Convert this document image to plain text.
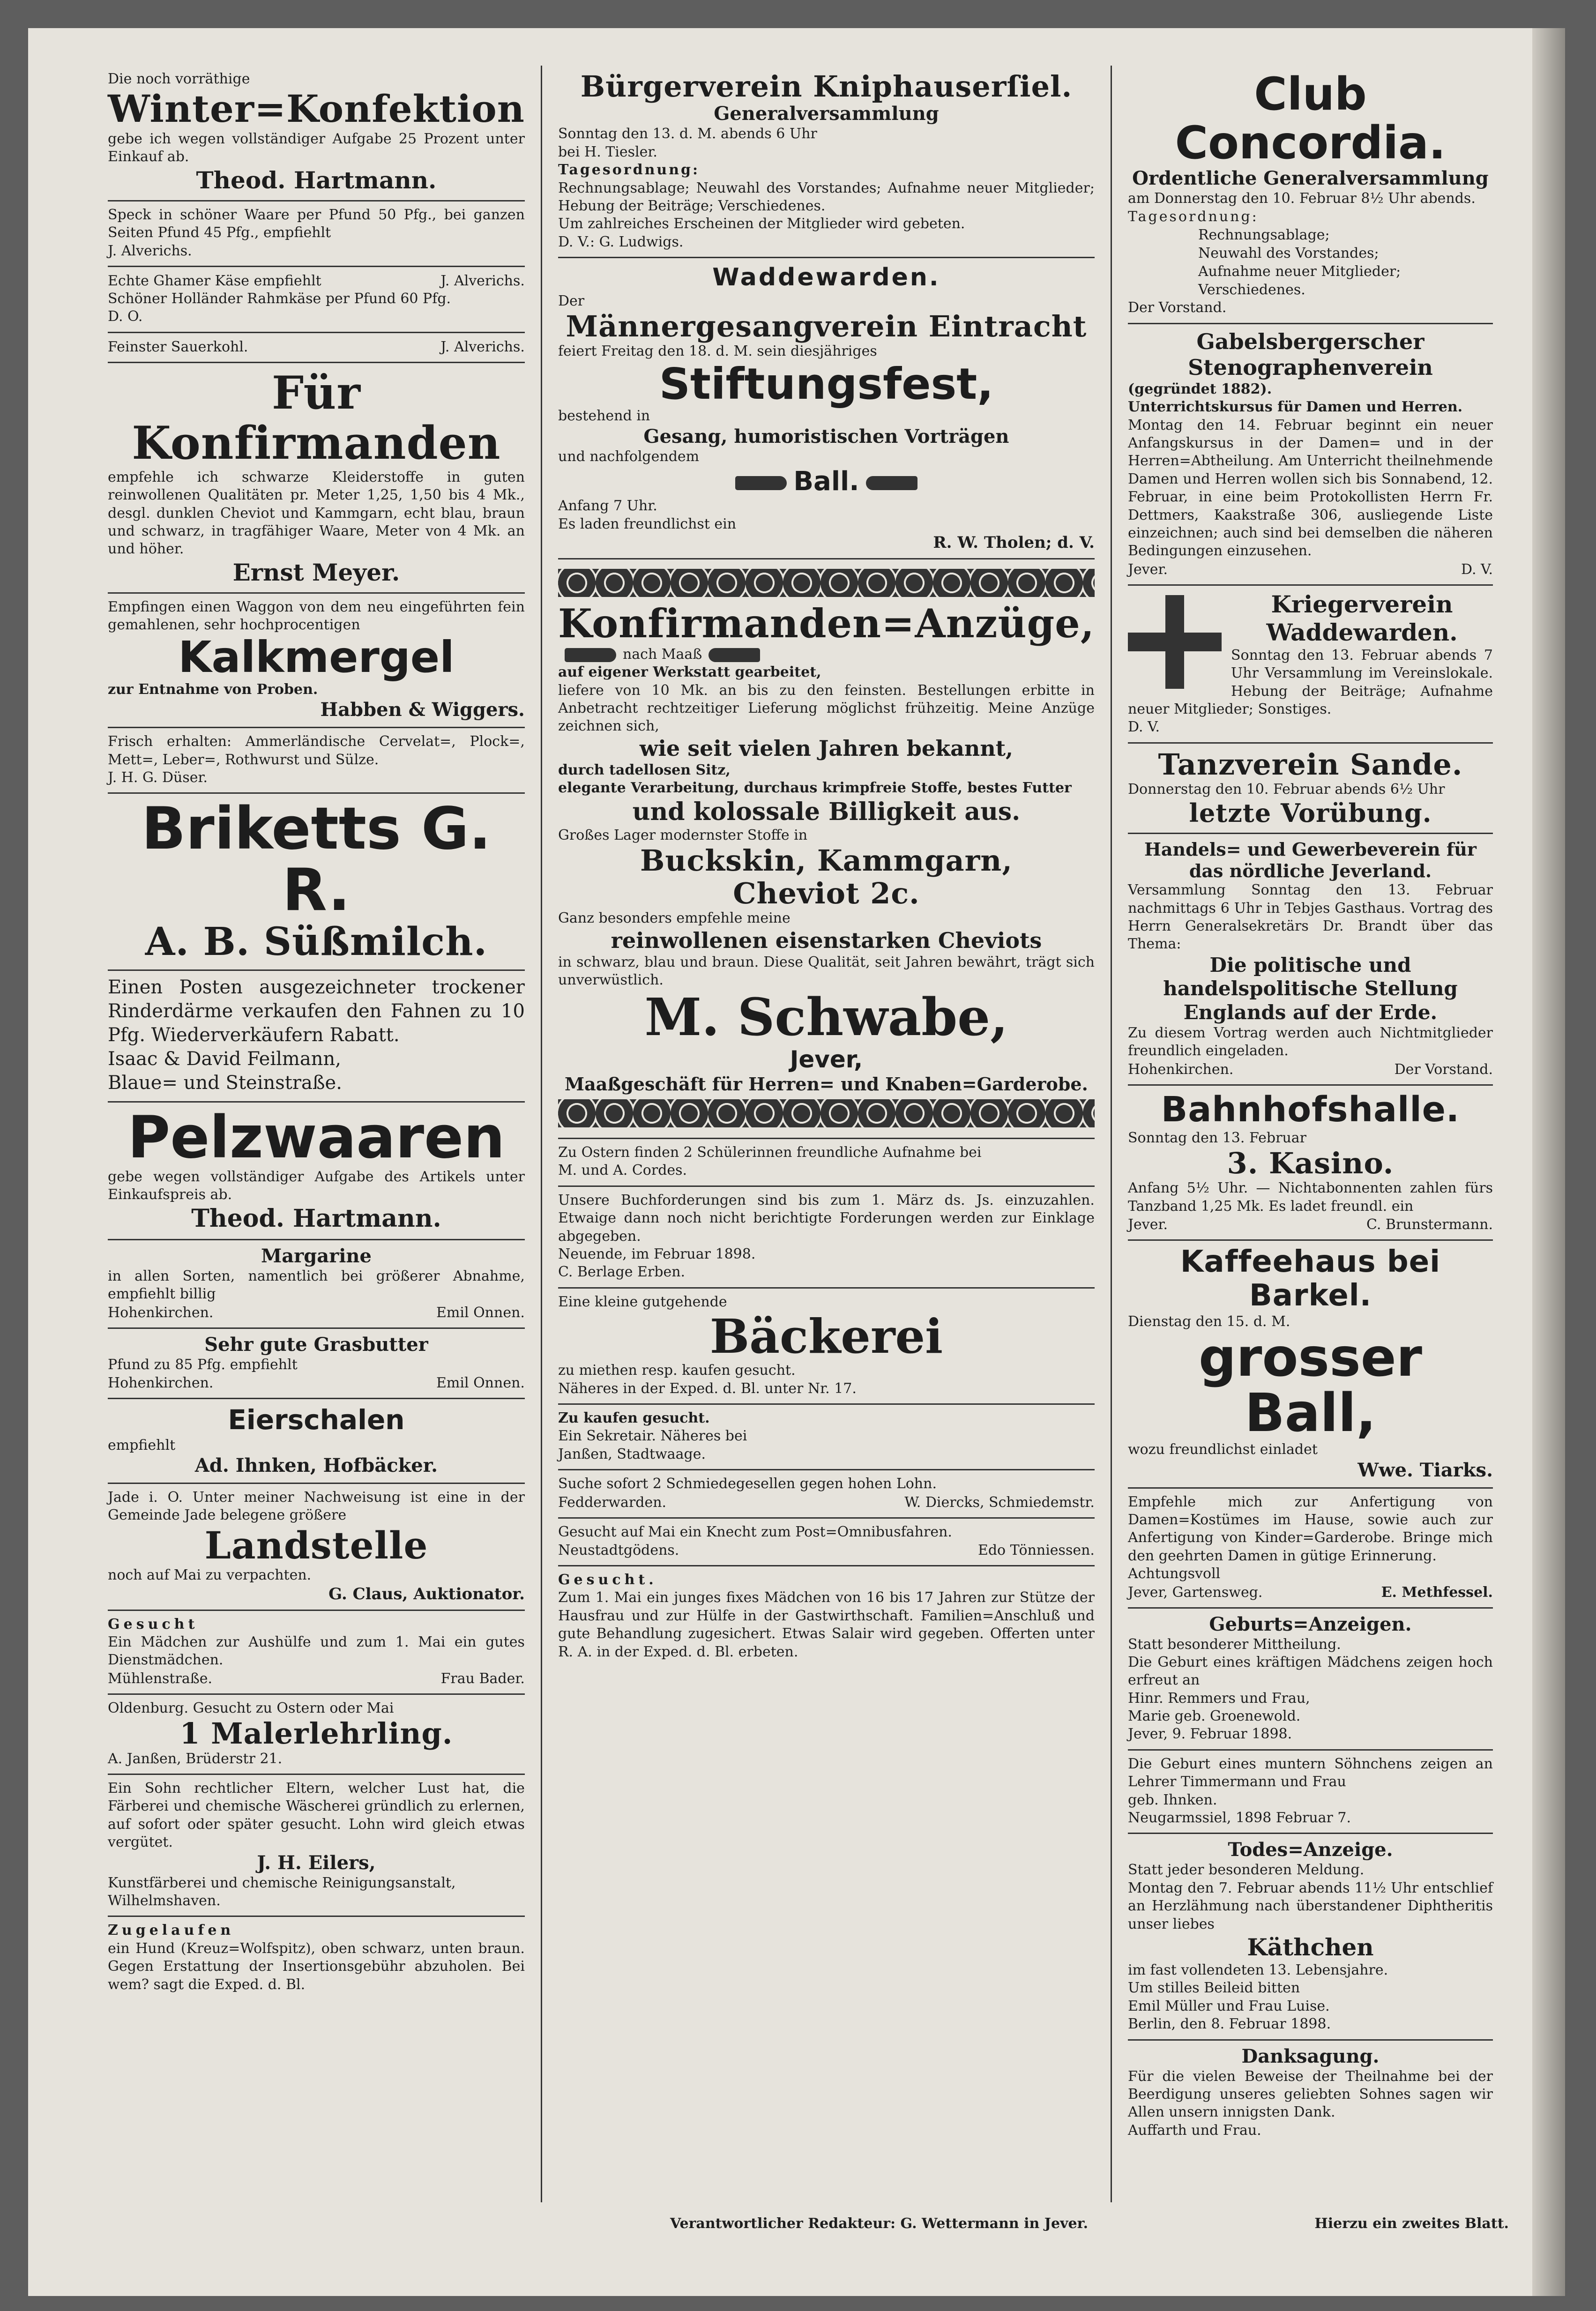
Die noch vorräthige
Winter=Konfektion
gebe ich wegen vollständiger Aufgabe 25 Prozent unter Einkauf ab.
Theod. Hartmann.
Speck in schöner Waare per Pfund 50 Pfg., bei ganzen Seiten Pfund 45 Pfg., empfiehlt
J. Alverichs.
Echte Ghamer Käse empfiehlt	J. Alverichs.
Schöner Holländer Rahmkäse per Pfund 60 Pfg.
D. O.
Feinster Sauerkohl.	J. Alverichs.
Für Konfirmanden
empfehle ich schwarze Kleiderstoffe in guten reinwollenen Qualitäten pr. Meter 1,25, 1,50 bis 4 Mk., desgl. dunklen Cheviot und Kammgarn, echt blau, braun und schwarz, in tragfähiger Waare, Meter von 4 Mk. an und höher.
Ernst Meyer.
Empfingen einen Waggon von dem neu eingeführten fein gemahlenen, sehr hochprocentigen
Kalkmergel
zur Entnahme von Proben.
Habben & Wiggers.
Frisch erhalten: Ammerländische Cervelat=, Plock=, Mett=, Leber=, Rothwurst und Sülze.
J. H. G. Düser.
Briketts G. R.
A. B. Süßmilch.
Einen Posten ausgezeichneter trockener Rinderdärme verkaufen den Fahnen zu 10 Pfg. Wiederverkäufern Rabatt.
Isaac & David Feilmann,
Blaue= und Steinstraße.
Pelzwaaren
gebe wegen vollständiger Aufgabe des Artikels unter Einkaufspreis ab.
Theod. Hartmann.
Margarine
in allen Sorten, namentlich bei größerer Abnahme, empfiehlt billig
Hohenkirchen.	Emil Onnen.
Sehr gute Grasbutter
Pfund zu 85 Pfg. empfiehlt
Hohenkirchen.	Emil Onnen.
Eierschalen
empfiehlt
Ad. Ihnken, Hofbäcker.
Jade i. O. Unter meiner Nachweisung ist eine in der Gemeinde Jade belegene größere
Landstelle
noch auf Mai zu verpachten.
G. Claus, Auktionator.
Gesucht
Ein Mädchen zur Aushülfe und zum 1. Mai ein gutes Dienstmädchen.
Mühlenstraße.	Frau Bader.
Oldenburg. Gesucht zu Ostern oder Mai
1 Malerlehrling.
A. Janßen, Brüderstr 21.
Ein Sohn rechtlicher Eltern, welcher Lust hat, die Färberei und chemische Wäscherei gründlich zu erlernen, auf sofort oder später gesucht. Lohn wird gleich etwas vergütet.
J. H. Eilers,
Kunstfärberei und chemische Reinigungsanstalt,
Wilhelmshaven.
Zugelaufen
ein Hund (Kreuz=Wolfspitz), oben schwarz, unten braun. Gegen Erstattung der Insertionsgebühr abzuholen. Bei wem? sagt die Exped. d. Bl.
Bürgerverein Kniphauserſiel.
Generalversammlung
Sonntag den 13. d. M. abends 6 Uhr
bei H. Tiesler.
Tagesordnung:
Rechnungsablage; Neuwahl des Vorstandes; Aufnahme neuer Mitglieder; Hebung der Beiträge; Verschiedenes.
Um zahlreiches Erscheinen der Mitglieder wird gebeten.
D. V.: G. Ludwigs.
Waddewarden.
Der
Männergesangverein Eintracht
feiert Freitag den 18. d. M. sein diesjähriges
Stiftungsfest,
bestehend in
Gesang, humoristischen Vorträgen
und nachfolgendem
Ball.
Anfang 7 Uhr.
Es laden freundlichst ein
R. W. Tholen; d. V.
Konfirmanden=Anzüge,
nach Maaß
auf eigener Werkstatt gearbeitet,
liefere von 10 Mk. an bis zu den feinsten. Bestellungen erbitte in Anbetracht rechtzeitiger Lieferung möglichst frühzeitig. Meine Anzüge zeichnen sich,
wie seit vielen Jahren bekannt,
durch tadellosen Sitz,
elegante Verarbeitung, durchaus krimpfreie Stoffe, bestes Futter
und kolossale Billigkeit aus.
Großes Lager modernster Stoffe in
Buckskin, Kammgarn,
Cheviot 2c.
Ganz besonders empfehle meine
reinwollenen eisenstarken Cheviots
in schwarz, blau und braun. Diese Qualität, seit Jahren bewährt, trägt sich unverwüstlich.
M. Schwabe,
Jever,
Maaßgeschäft für Herren= und Knaben=Garderobe.
Zu Ostern finden 2 Schülerinnen freundliche Aufnahme bei
M. und A. Cordes.
Unsere Buchforderungen sind bis zum 1. März ds. Js. einzuzahlen. Etwaige dann noch nicht berichtigte Forderungen werden zur Einklage abgegeben.
Neuende, im Februar 1898.
C. Berlage Erben.
Eine kleine gutgehende
Bäckerei
zu miethen resp. kaufen gesucht.
Näheres in der Exped. d. Bl. unter Nr. 17.
Zu kaufen gesucht.
Ein Sekretair. Näheres bei
Janßen, Stadtwaage.
Suche sofort 2 Schmiedegesellen gegen hohen Lohn.
Fedderwarden.	W. Diercks, Schmiedemstr.
Gesucht auf Mai ein Knecht zum Post=Omnibusfahren.
Neustadtgödens.	Edo Tönniessen.
Gesucht.
Zum 1. Mai ein junges fixes Mädchen von 16 bis 17 Jahren zur Stütze der Hausfrau und zur Hülfe in der Gastwirthschaft. Familien=Anschluß und gute Behandlung zugesichert. Etwas Salair wird gegeben. Offerten unter R. A. in der Exped. d. Bl. erbeten.
Club Concordia.
Ordentliche Generalversammlung
am Donnerstag den 10. Februar 8½ Uhr abends.
Tagesordnung:
Rechnungsablage;
Neuwahl des Vorstandes;
Aufnahme neuer Mitglieder;
Verschiedenes.
Der Vorstand.
Gabelsbergerscher Stenographenverein
(gegründet 1882).
Unterrichtskursus für Damen und Herren.
Montag den 14. Februar beginnt ein neuer Anfangskursus in der Damen= und in der Herren=Abtheilung. Am Unterricht theilnehmende Damen und Herren wollen sich bis Sonnabend, 12. Februar, in eine beim Protokollisten Herrn Fr. Dettmers, Kaakstraße 306, ausliegende Liste einzeichnen; auch sind bei demselben die näheren Bedingungen einzusehen.
Jever.	D. V.
Kriegerverein Waddewarden.
Sonntag den 13. Februar abends 7 Uhr Versammlung im Vereinslokale. Hebung der Beiträge; Aufnahme neuer Mitglieder; Sonstiges.
D. V.
Tanzverein Sande.
Donnerstag den 10. Februar abends 6½ Uhr
letzte Vorübung.
Handels= und Gewerbeverein für das nördliche Jeverland.
Versammlung Sonntag den 13. Februar nachmittags 6 Uhr in Tebjes Gasthaus. Vortrag des Herrn Generalsekretärs Dr. Brandt über das Thema:
Die politische und handelspolitische Stellung Englands auf der Erde.
Zu diesem Vortrag werden auch Nichtmitglieder freundlich eingeladen.
Hohenkirchen.	Der Vorstand.
Bahnhofshalle.
Sonntag den 13. Februar
3. Kasino.
Anfang 5½ Uhr. — Nichtabonnenten zahlen fürs Tanzband 1,25 Mk. Es ladet freundl. ein
Jever.	C. Brunstermann.
Kaffeehaus bei Barkel.
Dienstag den 15. d. M.
grosser Ball,
wozu freundlichst einladet
Wwe. Tiarks.
Empfehle mich zur Anfertigung von Damen=Kostümes im Hause, sowie auch zur Anfertigung von Kinder=Garderobe. Bringe mich den geehrten Damen in gütige Erinnerung.
Achtungsvoll
Jever, Gartensweg.	E. Methfessel.
Geburts=Anzeigen.
Statt besonderer Mittheilung.
Die Geburt eines kräftigen Mädchens zeigen hoch erfreut an
Hinr. Remmers und Frau,
Marie geb. Groenewold.
Jever, 9. Februar 1898.
Die Geburt eines muntern Söhnchens zeigen an Lehrer Timmermann und Frau
geb. Ihnken.
Neugarmssiel, 1898 Februar 7.
Todes=Anzeige.
Statt jeder besonderen Meldung.
Montag den 7. Februar abends 11½ Uhr entschlief an Herzlähmung nach überstandener Diphtheritis unser liebes
Käthchen
im fast vollendeten 13. Lebensjahre.
Um stilles Beileid bitten
Emil Müller und Frau Luise.
Berlin, den 8. Februar 1898.
Danksagung.
Für die vielen Beweise der Theilnahme bei der Beerdigung unseres geliebten Sohnes sagen wir Allen unsern innigsten Dank.
Auffarth und Frau.
Verantwortlicher Redakteur: G. Wettermann in Jever.	Hierzu ein zweites Blatt.
